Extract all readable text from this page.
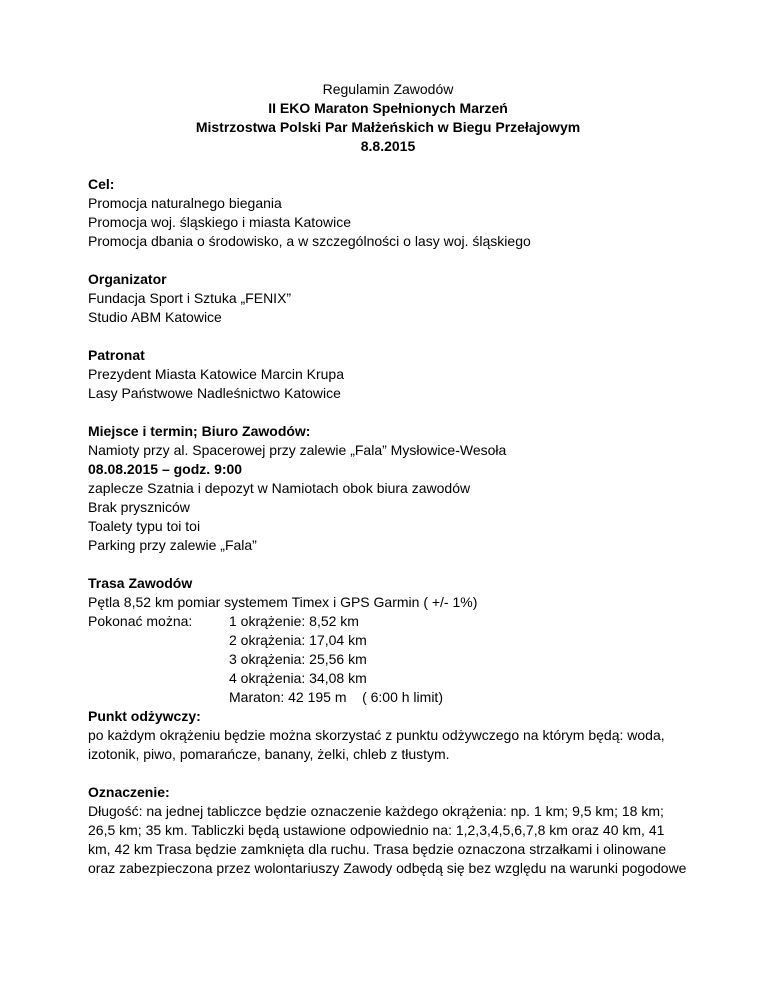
Regulamin Zawodów
II EKO Maraton Spełnionych Marzeń
Mistrzostwa Polski Par Małżeńskich w Biegu Przełajowym
8.8.2015
Cel:
Promocja naturalnego biegania
Promocja woj. śląskiego i miasta Katowice
Promocja dbania o środowisko, a w szczególności o lasy woj. śląskiego
Organizator
Fundacja Sport i Sztuka „FENIX”
Studio ABM Katowice
Patronat
Prezydent Miasta Katowice Marcin Krupa
Lasy Państwowe Nadleśnictwo Katowice
Miejsce i termin; Biuro Zawodów:
Namioty przy al. Spacerowej przy zalewie „Fala” Mysłowice-Wesoła
08.08.2015 – godz. 9:00
zaplecze Szatnia i depozyt w Namiotach obok biura zawodów
Brak pryszniców
Toalety typu toi toi
Parking przy zalewie „Fala”
Trasa Zawodów
Pętla 8,52 km pomiar systemem Timex i GPS Garmin ( +/- 1%)
Pokonać można:	1 okrążenie: 8,52 km
2 okrążenia: 17,04 km
3 okrążenia: 25,56 km
4 okrążenia: 34,08 km
Maraton: 42 195 m    ( 6:00 h limit)
Punkt odżywczy:
po każdym okrążeniu będzie można skorzystać z punktu odżywczego na którym będą: woda, izotonik, piwo, pomarańcze, banany, żelki, chleb z tłustym.
Oznaczenie:
Długość: na jednej tabliczce będzie oznaczenie każdego okrążenia: np. 1 km; 9,5 km; 18 km; 26,5 km; 35 km. Tabliczki będą ustawione odpowiednio na: 1,2,3,4,5,6,7,8 km oraz 40 km, 41 km, 42 km Trasa będzie zamknięta dla ruchu. Trasa będzie oznaczona strzałkami i olinowane oraz zabezpieczona przez wolontariuszy Zawody odbędą się bez względu na warunki pogodowe
